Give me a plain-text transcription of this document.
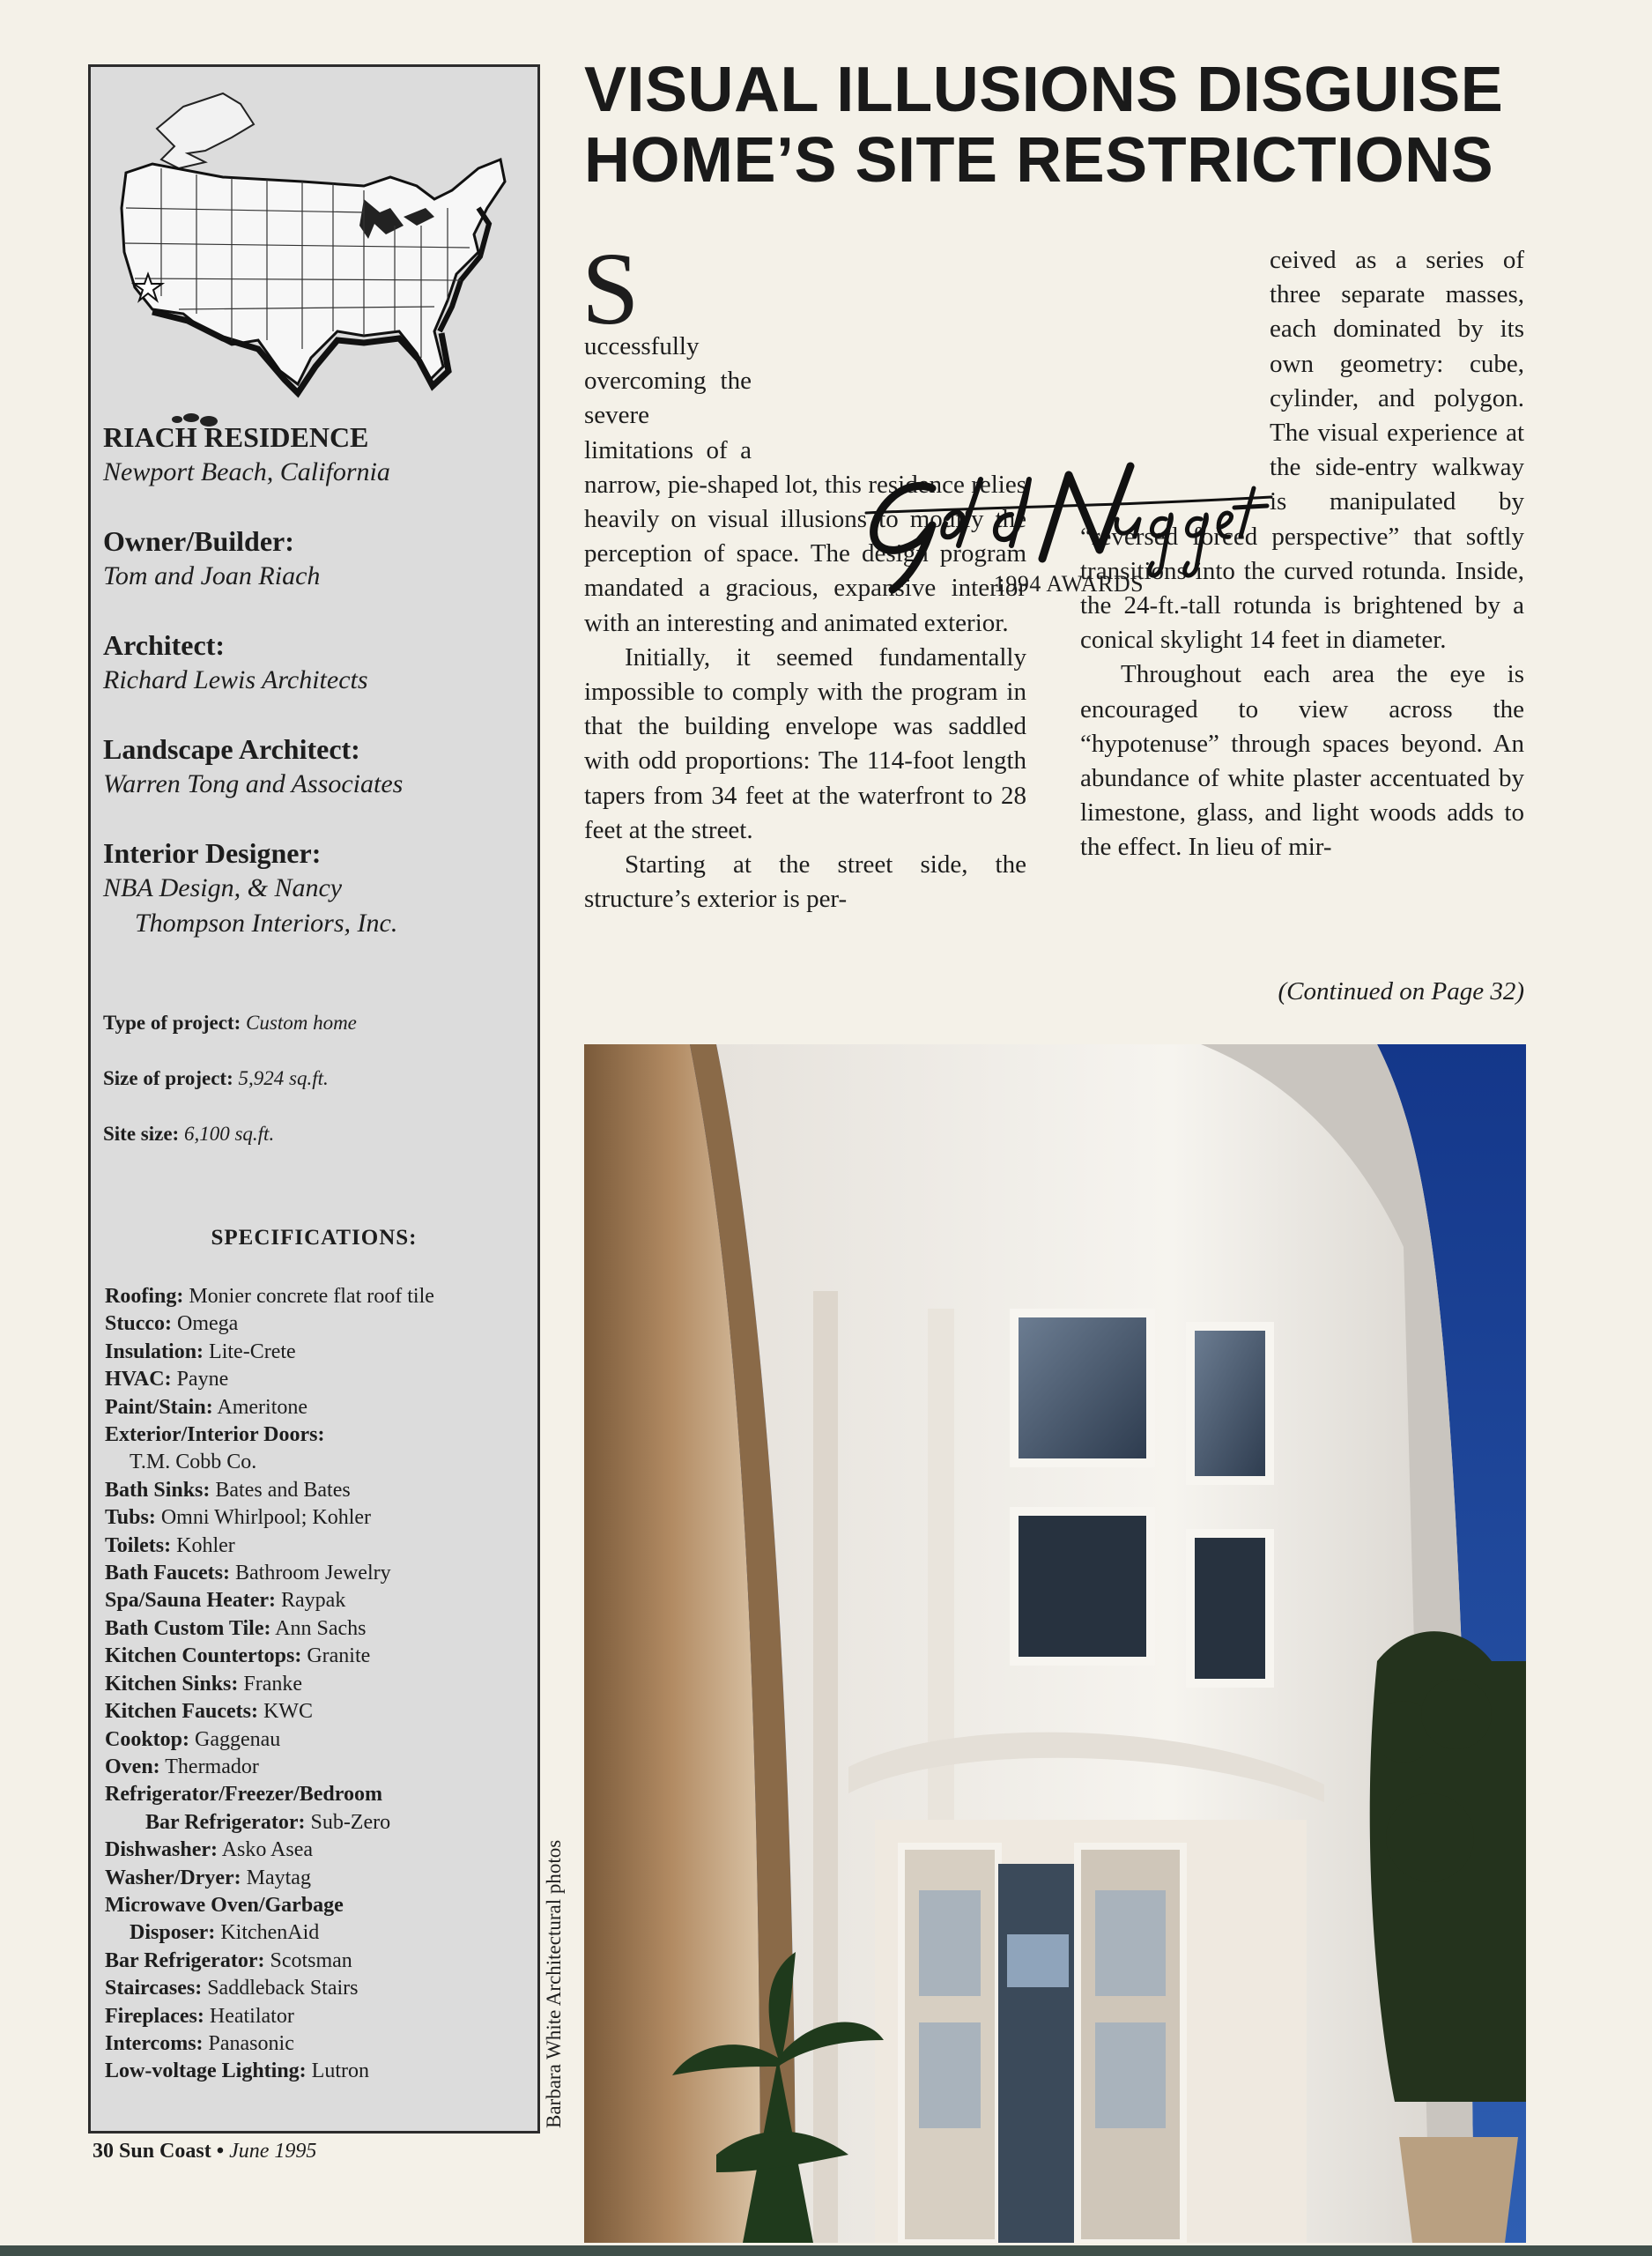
RIACH RESIDENCE
Newport Beach, California
Owner/Builder:
Tom and Joan Riach
Architect:
Richard Lewis Architects
Landscape Architect:
Warren Tong and Associates
Interior Designer:
NBA Design, & Nancy
Thompson Interiors, Inc.
Type of project: Custom home
Size of project: 5,924 sq.ft.
Site size: 6,100 sq.ft.
SPECIFICATIONS:
Roofing: Monier concrete flat roof tile
Stucco: Omega
Insulation: Lite-Crete
HVAC: Payne
Paint/Stain: Ameritone
Exterior/Interior Doors:
T.M. Cobb Co.
Bath Sinks: Bates and Bates
Tubs: Omni Whirlpool; Kohler
Toilets: Kohler
Bath Faucets: Bathroom Jewelry
Spa/Sauna Heater: Raypak
Bath Custom Tile: Ann Sachs
Kitchen Countertops: Granite
Kitchen Sinks: Franke
Kitchen Faucets: KWC
Cooktop: Gaggenau
Oven: Thermador
Refrigerator/Freezer/Bedroom
Bar Refrigerator: Sub-Zero
Dishwasher: Asko Asea
Washer/Dryer: Maytag
Microwave Oven/Garbage
Disposer: KitchenAid
Bar Refrigerator: Scotsman
Staircases: Saddleback Stairs
Fireplaces: Heatilator
Intercoms: Panasonic
Low-voltage Lighting: Lutron
VISUAL ILLUSIONS DISGUISE
HOME’S SITE RESTRICTIONS

S
uccessfully overcoming the severe limitations of a narrow, pie-shaped lot, this residence relies heavily on visual illusions to modify the perception of space. The design program mandated a gracious, expansive interior with an interesting and animated exterior.

Initially, it seemed fundamentally impossible to comply with the program in that the building envelope was saddled with odd proportions: The 114-foot length tapers from 34 feet at the waterfront to 28 feet at the street.

Starting at the street side, the structure’s exterior is per-

ceived as a series of three separate masses, each dominated by its own geometry: cube, cylinder, and polygon. The visual experience at the side-entry walkway is manipulated by “reversed forced perspective” that softly transitions into the curved rotunda. Inside, the 24-ft.-tall rotunda is brightened by a conical skylight 14 feet in diameter.

Throughout each area the eye is encouraged to view across the “hypotenuse” through spaces beyond. An abundance of white plaster accentuated by limestone, glass, and light woods adds to the effect. In lieu of mir-

(Continued on Page 32)
1994 AWARDS
Barbara White Architectural photos
30 Sun Coast • June 1995
